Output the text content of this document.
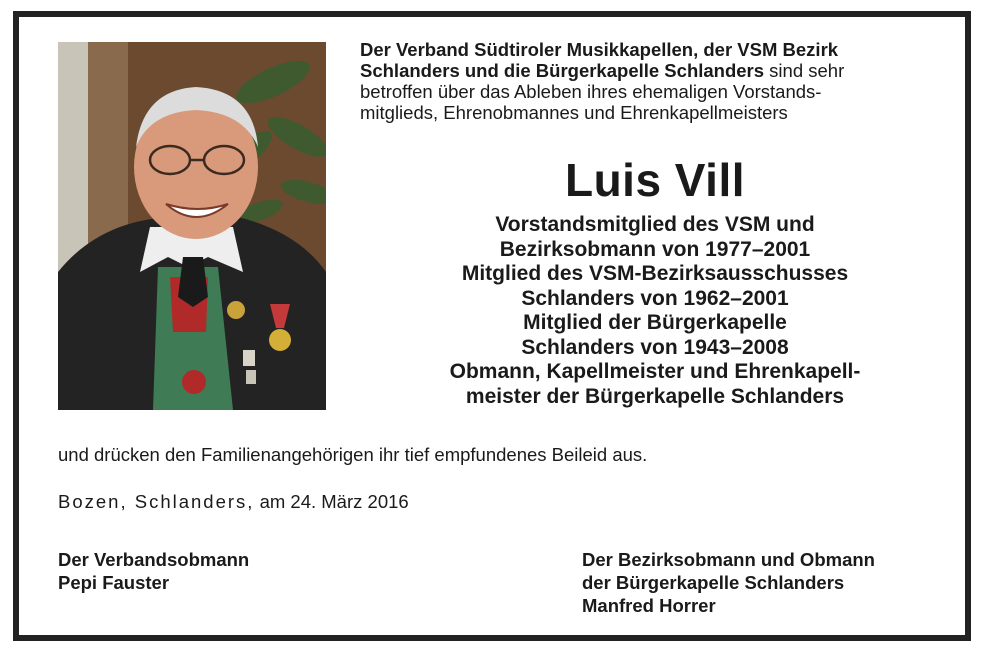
Der Verband Südtiroler Musikkapellen, der VSM Bezirk
Schlanders und die Bürgerkapelle Schlanders sind sehr
betroffen über das Ableben ihres ehemaligen Vorstands-
mitglieds, Ehrenobmannes und Ehrenkapellmeisters
Luis Vill
Vorstandsmitglied des VSM und
Bezirksobmann von 1977–2001
Mitglied des VSM-Bezirksausschusses
Schlanders von 1962–2001
Mitglied der Bürgerkapelle
Schlanders von 1943–2008
Obmann, Kapellmeister und Ehrenkapell-
meister der Bürgerkapelle Schlanders
und drücken den Familienangehörigen ihr tief empfundenes Beileid aus.
Bozen, Schlanders, am 24. März 2016
Der Verbandsobmann
Pepi Fauster
Der Bezirksobmann und Obmann
der Bürgerkapelle Schlanders
Manfred Horrer
